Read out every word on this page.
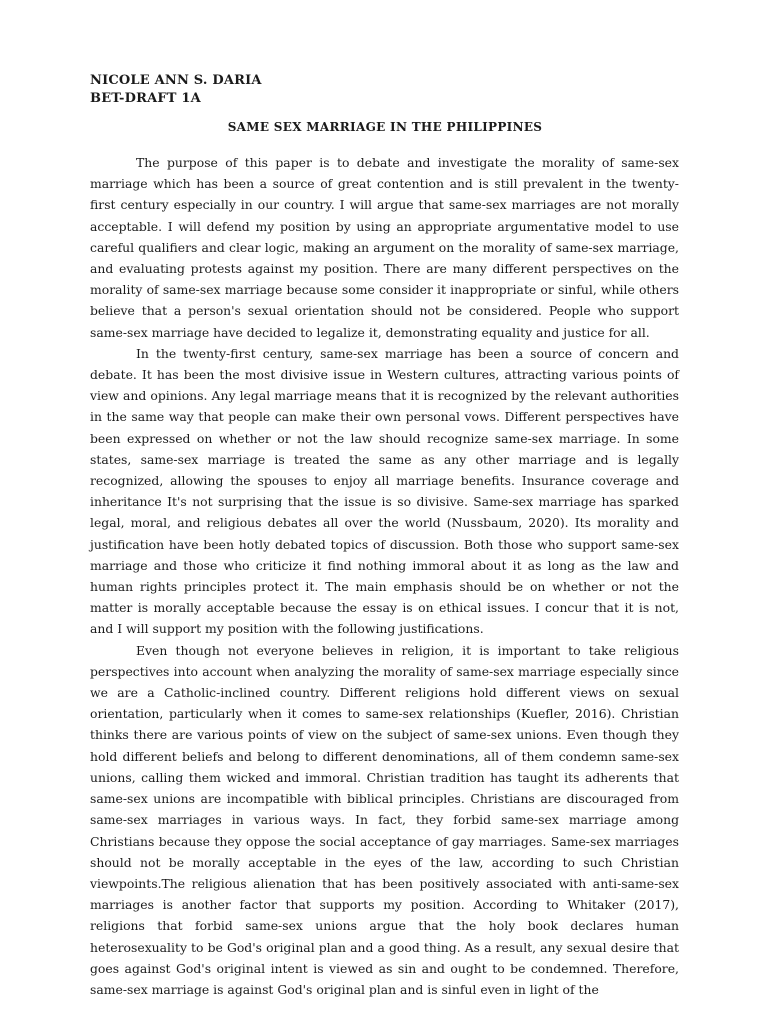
NICOLE ANN S. DARIA
BET-DRAFT 1A
SAME SEX MARRIAGE IN THE PHILIPPINES

The purpose of this paper is to debate and investigate the morality of same-sex marriage which has been a source of great contention and is still prevalent in the twenty-first century especially in our country. I will argue that same-sex marriages are not morally acceptable. I will defend my position by using an appropriate argumentative model to use careful qualifiers and clear logic, making an argument on the morality of same-sex marriage, and evaluating protests against my position. There are many different perspectives on the morality of same-sex marriage because some consider it inappropriate or sinful, while others believe that a person's sexual orientation should not be considered. People who support same-sex marriage have decided to legalize it, demonstrating equality and justice for all.

In the twenty-first century, same-sex marriage has been a source of concern and debate. It has been the most divisive issue in Western cultures, attracting various points of view and opinions. Any legal marriage means that it is recognized by the relevant authorities in the same way that people can make their own personal vows. Different perspectives have been expressed on whether or not the law should recognize same-sex marriage. In some states, same-sex marriage is treated the same as any other marriage and is legally recognized, allowing the spouses to enjoy all marriage benefits. Insurance coverage and inheritance It's not surprising that the issue is so divisive. Same-sex marriage has sparked legal, moral, and religious debates all over the world (Nussbaum, 2020). Its morality and justification have been hotly debated topics of discussion. Both those who support same-sex marriage and those who criticize it find nothing immoral about it as long as the law and human rights principles protect it. The main emphasis should be on whether or not the matter is morally acceptable because the essay is on ethical issues. I concur that it is not, and I will support my position with the following justifications.

Even though not everyone believes in religion, it is important to take religious perspectives into account when analyzing the morality of same-sex marriage especially since we are a Catholic-inclined country. Different religions hold different views on sexual orientation, particularly when it comes to same-sex relationships (Kuefler, 2016). Christian thinks there are various points of view on the subject of same-sex unions. Even though they hold different beliefs and belong to different denominations, all of them condemn same-sex unions, calling them wicked and immoral. Christian tradition has taught its adherents that same-sex unions are incompatible with biblical principles. Christians are discouraged from same-sex marriages in various ways. In fact, they forbid same-sex marriage among Christians because they oppose the social acceptance of gay marriages. Same-sex marriages should not be morally acceptable in the eyes of the law, according to such Christian viewpoints.The religious alienation that has been positively associated with anti-same-sex marriages is another factor that supports my position. According to Whitaker (2017), religions that forbid same-sex unions argue that the holy book declares human heterosexuality to be God's original plan and a good thing. As a result, any sexual desire that goes against God's original intent is viewed as sin and ought to be condemned. Therefore, same-sex marriage is against God's original plan and is sinful even in light of the
